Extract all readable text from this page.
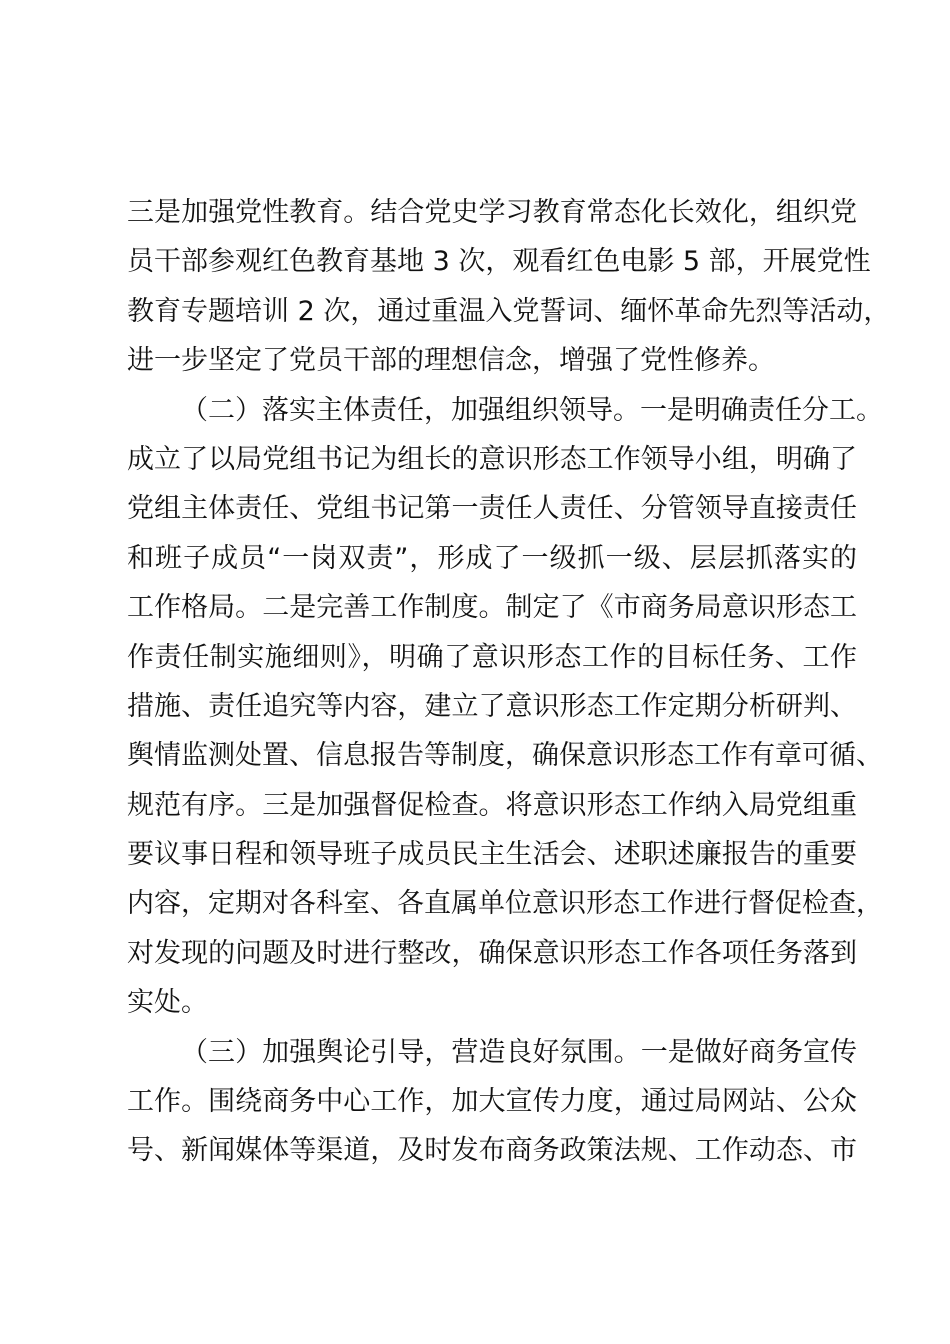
三是加强党性教育。结合党史学习教育常态化长效化，组织党
员干部参观红色教育基地 3 次，观看红色电影 5 部，开展党性
教育专题培训 2 次，通过重温入党誓词、缅怀革命先烈等活动，
进一步坚定了党员干部的理想信念，增强了党性修养。
（二）落实主体责任，加强组织领导。一是明确责任分工。
成立了以局党组书记为组长的意识形态工作领导小组，明确了
党组主体责任、党组书记第一责任人责任、分管领导直接责任
和班子成员“一岗双责”，形成了一级抓一级、层层抓落实的
工作格局。二是完善工作制度。制定了《市商务局意识形态工
作责任制实施细则》，明确了意识形态工作的目标任务、工作
措施、责任追究等内容，建立了意识形态工作定期分析研判、
舆情监测处置、信息报告等制度，确保意识形态工作有章可循、
规范有序。三是加强督促检查。将意识形态工作纳入局党组重
要议事日程和领导班子成员民主生活会、述职述廉报告的重要
内容，定期对各科室、各直属单位意识形态工作进行督促检查，
对发现的问题及时进行整改，确保意识形态工作各项任务落到
实处。
（三）加强舆论引导，营造良好氛围。一是做好商务宣传
工作。围绕商务中心工作，加大宣传力度，通过局网站、公众
号、新闻媒体等渠道，及时发布商务政策法规、工作动态、市
